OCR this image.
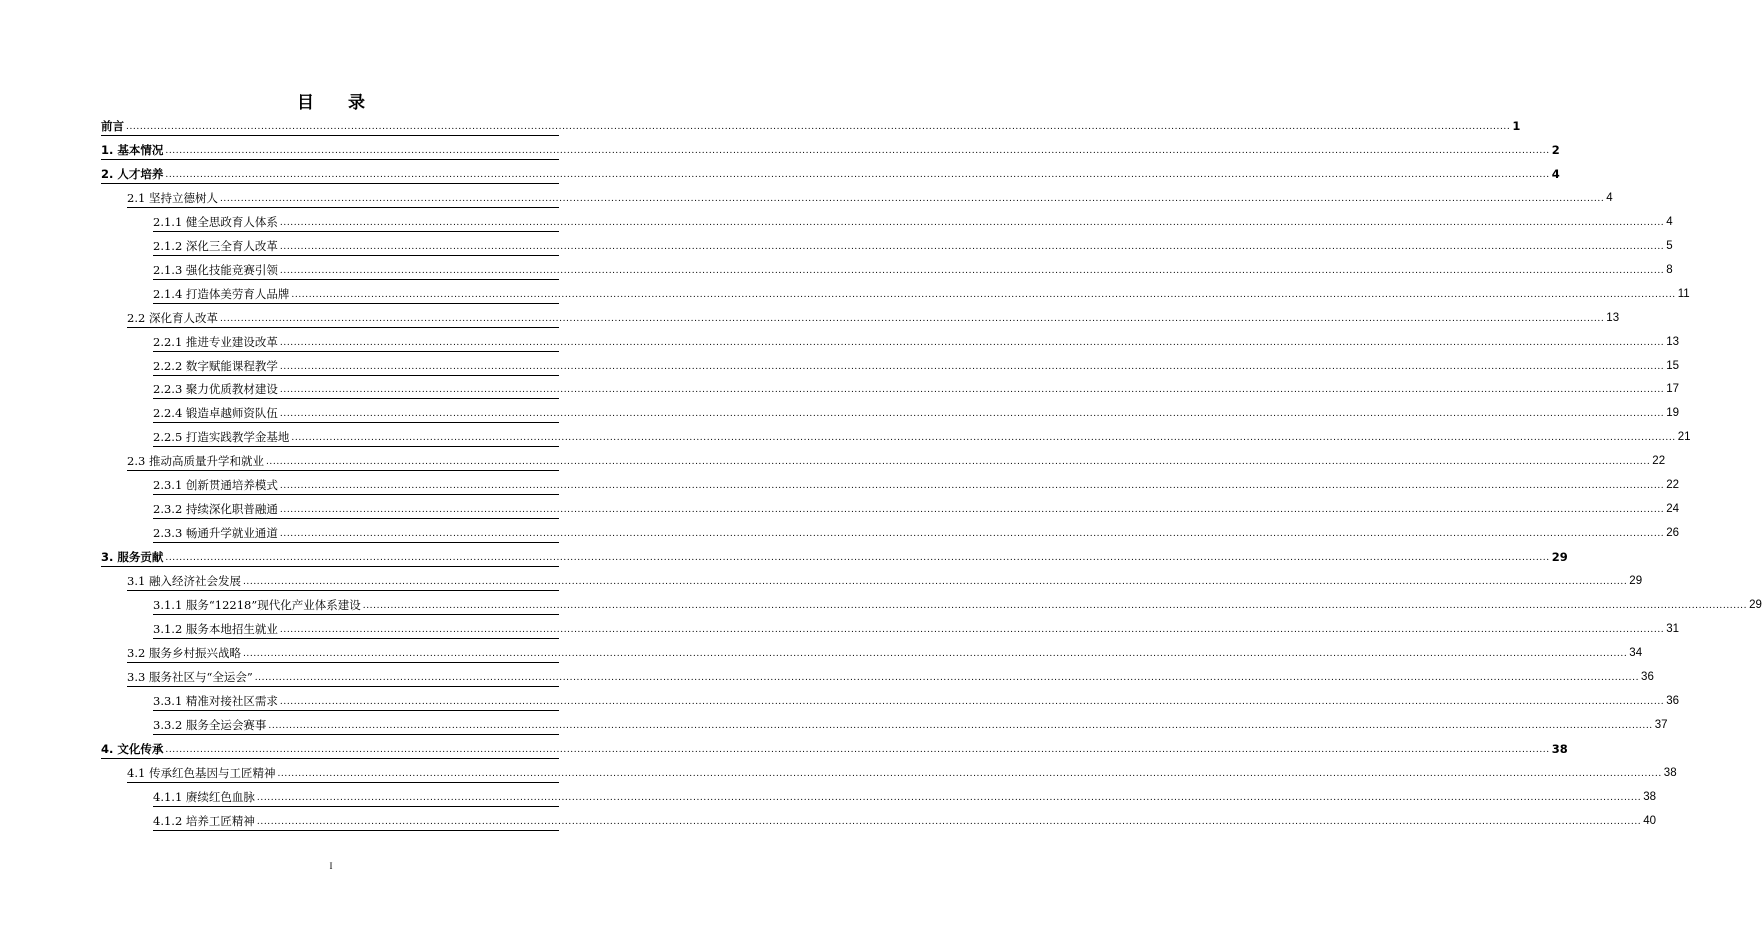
目 录
前言 ................................................................................................................................................................................................................................................................................................................................................................................................................ 1
1. 基本情况 ................................................................................................................................................................................................................................................................................................................................................................................................................ 2
2. 人才培养 ................................................................................................................................................................................................................................................................................................................................................................................................................ 4
2.1 坚持立德树人 ................................................................................................................................................................................................................................................................................................................................................................................................................ 4
2.1.1 健全思政育人体系 ................................................................................................................................................................................................................................................................................................................................................................................................................ 4
2.1.2 深化三全育人改革 ................................................................................................................................................................................................................................................................................................................................................................................................................ 5
2.1.3 强化技能竞赛引领 ................................................................................................................................................................................................................................................................................................................................................................................................................ 8
2.1.4 打造体美劳育人品牌 ................................................................................................................................................................................................................................................................................................................................................................................................................ 11
2.2 深化育人改革 ................................................................................................................................................................................................................................................................................................................................................................................................................ 13
2.2.1 推进专业建设改革 ................................................................................................................................................................................................................................................................................................................................................................................................................ 13
2.2.2 数字赋能课程教学 ................................................................................................................................................................................................................................................................................................................................................................................................................ 15
2.2.3 聚力优质教材建设 ................................................................................................................................................................................................................................................................................................................................................................................................................ 17
2.2.4 锻造卓越师资队伍 ................................................................................................................................................................................................................................................................................................................................................................................................................ 19
2.2.5 打造实践教学金基地 ................................................................................................................................................................................................................................................................................................................................................................................................................ 21
2.3 推动高质量升学和就业 ................................................................................................................................................................................................................................................................................................................................................................................................................ 22
2.3.1 创新贯通培养模式 ................................................................................................................................................................................................................................................................................................................................................................................................................ 22
2.3.2 持续深化职普融通 ................................................................................................................................................................................................................................................................................................................................................................................................................ 24
2.3.3 畅通升学就业通道 ................................................................................................................................................................................................................................................................................................................................................................................................................ 26
3. 服务贡献 ................................................................................................................................................................................................................................................................................................................................................................................................................ 29
3.1 融入经济社会发展 ................................................................................................................................................................................................................................................................................................................................................................................................................ 29
3.1.1 服务“12218”现代化产业体系建设 ................................................................................................................................................................................................................................................................................................................................................................................................................ 29
3.1.2 服务本地招生就业 ................................................................................................................................................................................................................................................................................................................................................................................................................ 31
3.2 服务乡村振兴战略 ................................................................................................................................................................................................................................................................................................................................................................................................................ 34
3.3 服务社区与“全运会” ................................................................................................................................................................................................................................................................................................................................................................................................................ 36
3.3.1 精准对接社区需求 ................................................................................................................................................................................................................................................................................................................................................................................................................ 36
3.3.2 服务全运会赛事 ................................................................................................................................................................................................................................................................................................................................................................................................................ 37
4. 文化传承 ................................................................................................................................................................................................................................................................................................................................................................................................................ 38
4.1 传承红色基因与工匠精神 ................................................................................................................................................................................................................................................................................................................................................................................................................ 38
4.1.1 赓续红色血脉 ................................................................................................................................................................................................................................................................................................................................................................................................................ 38
4.1.2 培养工匠精神 ................................................................................................................................................................................................................................................................................................................................................................................................................ 40
I
